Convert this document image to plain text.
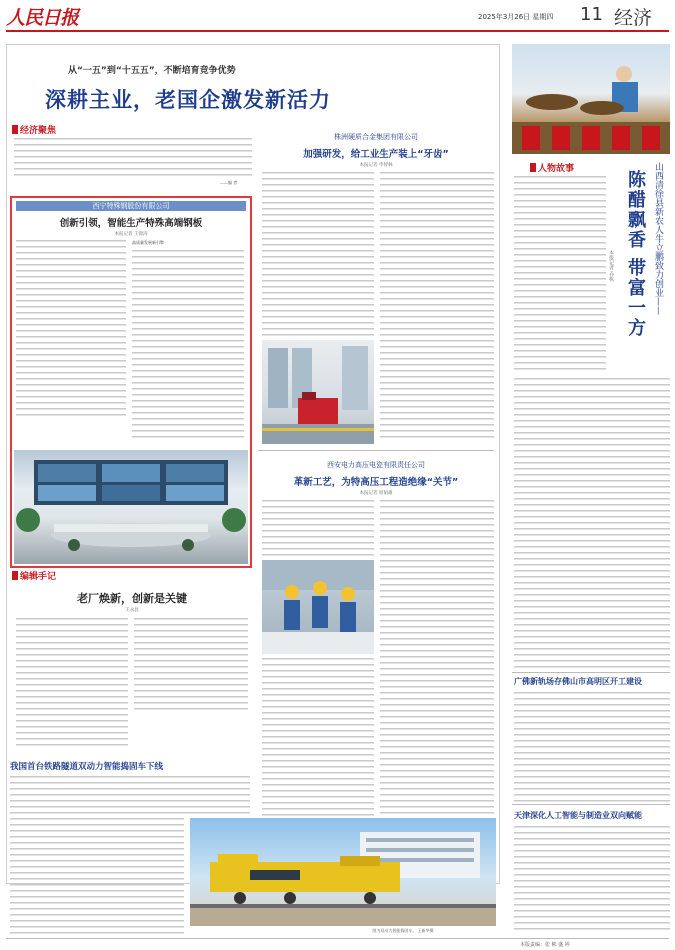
人民日报	2025年3月26日 星期四 11 经济
从“一五”到“十五五”，不断培育竞争优势
深耕主业，老国企激发新活力
经济聚焦
——编 者
西宁特殊钢股份有限公司
创新引领，智能生产特殊高端钢板
本报记者 王锦涛
高质量发展新引擎
株洲硬质合金集团有限公司
加强研发，给工业生产装上“牙齿”
本报记者 申智林
西安电力高压电瓷有限责任公司
革新工艺，为特高压工程造绝缘“关节”
本报记者 原韬雄
编辑手记
老厂焕新，创新是关键
王永昌
人物故事	山西清徐县新农人牛立鹏致力创业——
陈醋飘香 带富一方
本报记者 乔栋
广佛新轨场存佛山市高明区开工建设
天津深化人工智能与制造业双向赋能
我国首台铁路隧道双动力智能捣固车下线
图为双动力智能捣固车。 王新华摄
本版责编：张 彬 盛 婷
